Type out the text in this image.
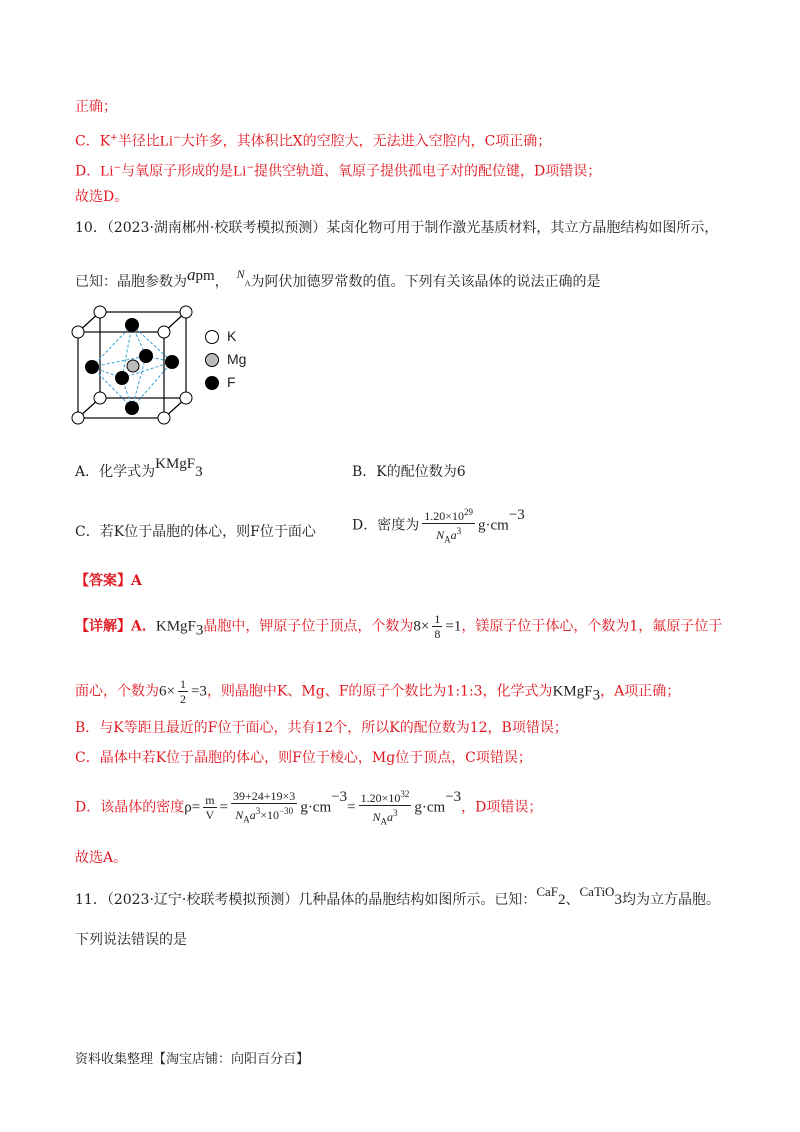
正确；
C．K+半径比Li−大许多，其体积比X的空腔大，无法进入空腔内，C项正确；
D．Li−与氧原子形成的是Li−提供空轨道、氧原子提供孤电子对的配位键，D项错误；
故选D。
10．（2023·湖南郴州·校联考模拟预测）某卤化物可用于制作激光基质材料，其立方晶胞结构如图所示，
已知：晶胞参数为apm， $N_A$为阿伏加德罗常数的值。下列有关该晶体的说法正确的是
K
Mg
F
A．化学式为KMgF$_3$	B．K的配位数为6
C．若K位于晶胞的体心，则F位于面心	D．密度为 $\frac{1.20\times 10^{29}}{N_Aa^3} g\cdot cm^{-3}$
【答案】A
【详解】A．KMgF$_3$晶胞中，钾原子位于顶点，个数为$8\times \frac{1}{8} =1$，镁原子位于体心，个数为1，氟原子位于
面心，个数为$6\times \frac{1}{2} =3$，则晶胞中K、Mg、F的原子个数比为1:1:3，化学式为KMgF$_3$，A项正确；
B．与K等距且最近的F位于面心，共有12个，所以K的配位数为12，B项错误；
C．晶体中若K位于晶胞的体心，则F位于棱心，Mg位于顶点，C项错误；
D．该晶体的密度$\rho= \frac{m}{V} = \frac{39+24+19\times 3}{N_Aa^3\times 10^{-30}} g\cdot cm^{-3}= \frac{1.20\times 10^{32}}{N_Aa^3} g\cdot cm^{-3}$，D项错误；
故选A。
11．（2023·辽宁·校联考模拟预测）几种晶体的晶胞结构如图所示。已知：CaF$_2$、CaTiO$_3$均为立方晶胞。
下列说法错误的是
资料收集整理【淘宝店铺：向阳百分百】
